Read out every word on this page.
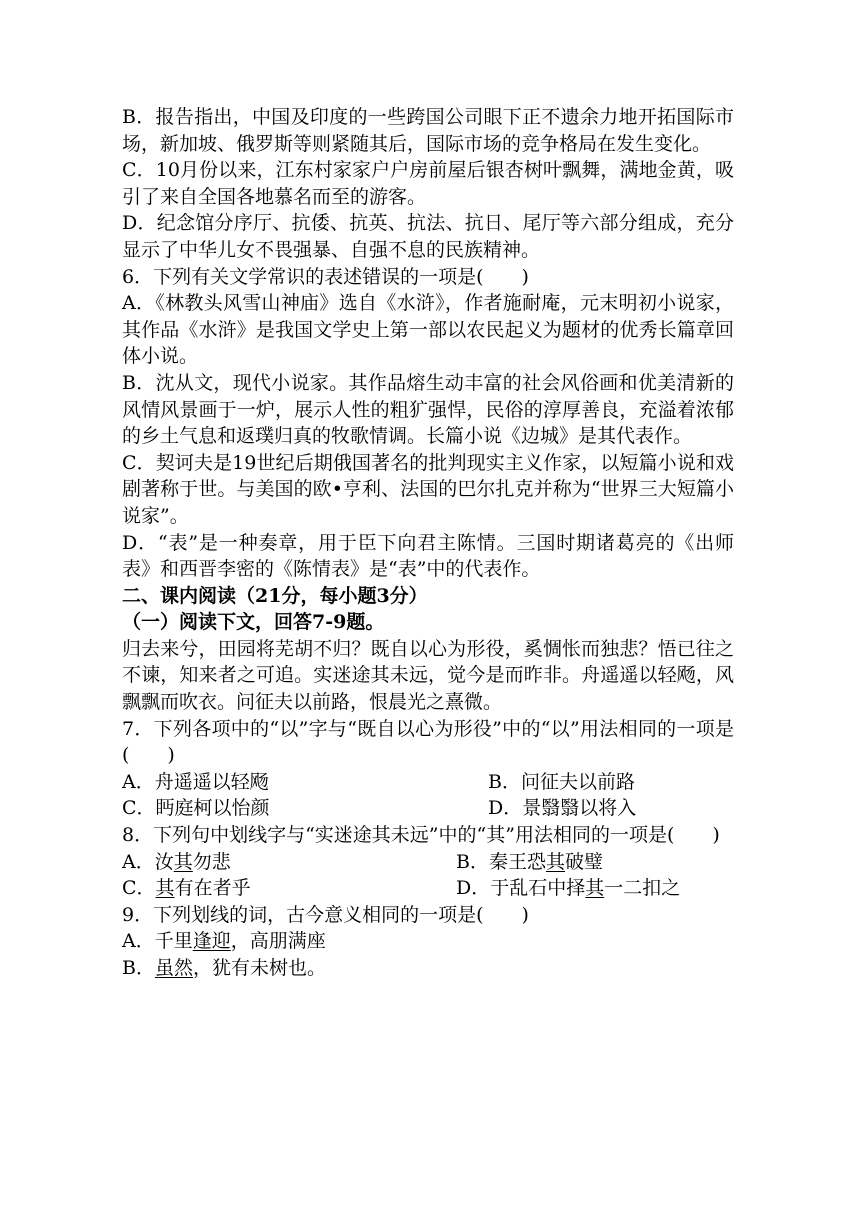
B．报告指出，中国及印度的一些跨国公司眼下正不遗余力地开拓国际市场，新加坡、俄罗斯等则紧随其后，国际市场的竞争格局在发生变化。

C．10月份以来，江东村家家户户房前屋后银杏树叶飘舞，满地金黄，吸引了来自全国各地慕名而至的游客。

D．纪念馆分序厅、抗倭、抗英、抗法、抗日、尾厅等六部分组成，充分显示了中华儿女不畏强暴、自强不息的民族精神。

6．下列有关文学常识的表述错误的一项是(　　)

A．《林教头风雪山神庙》选自《水浒》，作者施耐庵，元末明初小说家，其作品《水浒》是我国文学史上第一部以农民起义为题材的优秀长篇章回体小说。

B．沈从文，现代小说家。其作品熔生动丰富的社会风俗画和优美清新的风情风景画于一炉，展示人性的粗犷强悍，民俗的淳厚善良，充溢着浓郁的乡土气息和返璞归真的牧歌情调。长篇小说《边城》是其代表作。

C．契诃夫是19世纪后期俄国著名的批判现实主义作家，以短篇小说和戏剧著称于世。与美国的欧•亨利、法国的巴尔扎克并称为“世界三大短篇小说家”。

D．“表”是一种奏章，用于臣下向君主陈情。三国时期诸葛亮的《出师表》和西晋李密的《陈情表》是“表”中的代表作。

二、课内阅读（21分，每小题3分）

（一）阅读下文，回答7-9题。

归去来兮，田园将芜胡不归？既自以心为形役，奚惆怅而独悲？悟已往之不谏，知来者之可追。实迷途其未远，觉今是而昨非。舟遥遥以轻飏，风飘飘而吹衣。问征夫以前路，恨晨光之熹微。

7．下列各项中的“以”字与“既自以心为形役”中的“以”用法相同的一项是(　　)

A．舟遥遥以轻飏	B．问征夫以前路
C．眄庭柯以怡颜	D．景翳翳以将入

8．下列句中划线字与“实迷途其未远”中的“其”用法相同的一项是(　　)

A．汝其勿悲	B．秦王恐其破璧
C．其有在者乎	D．于乱石中择其一二扣之

9．下列划线的词，古今意义相同的一项是(　　)

A．千里逢迎，高朋满座

B．虽然，犹有未树也。
